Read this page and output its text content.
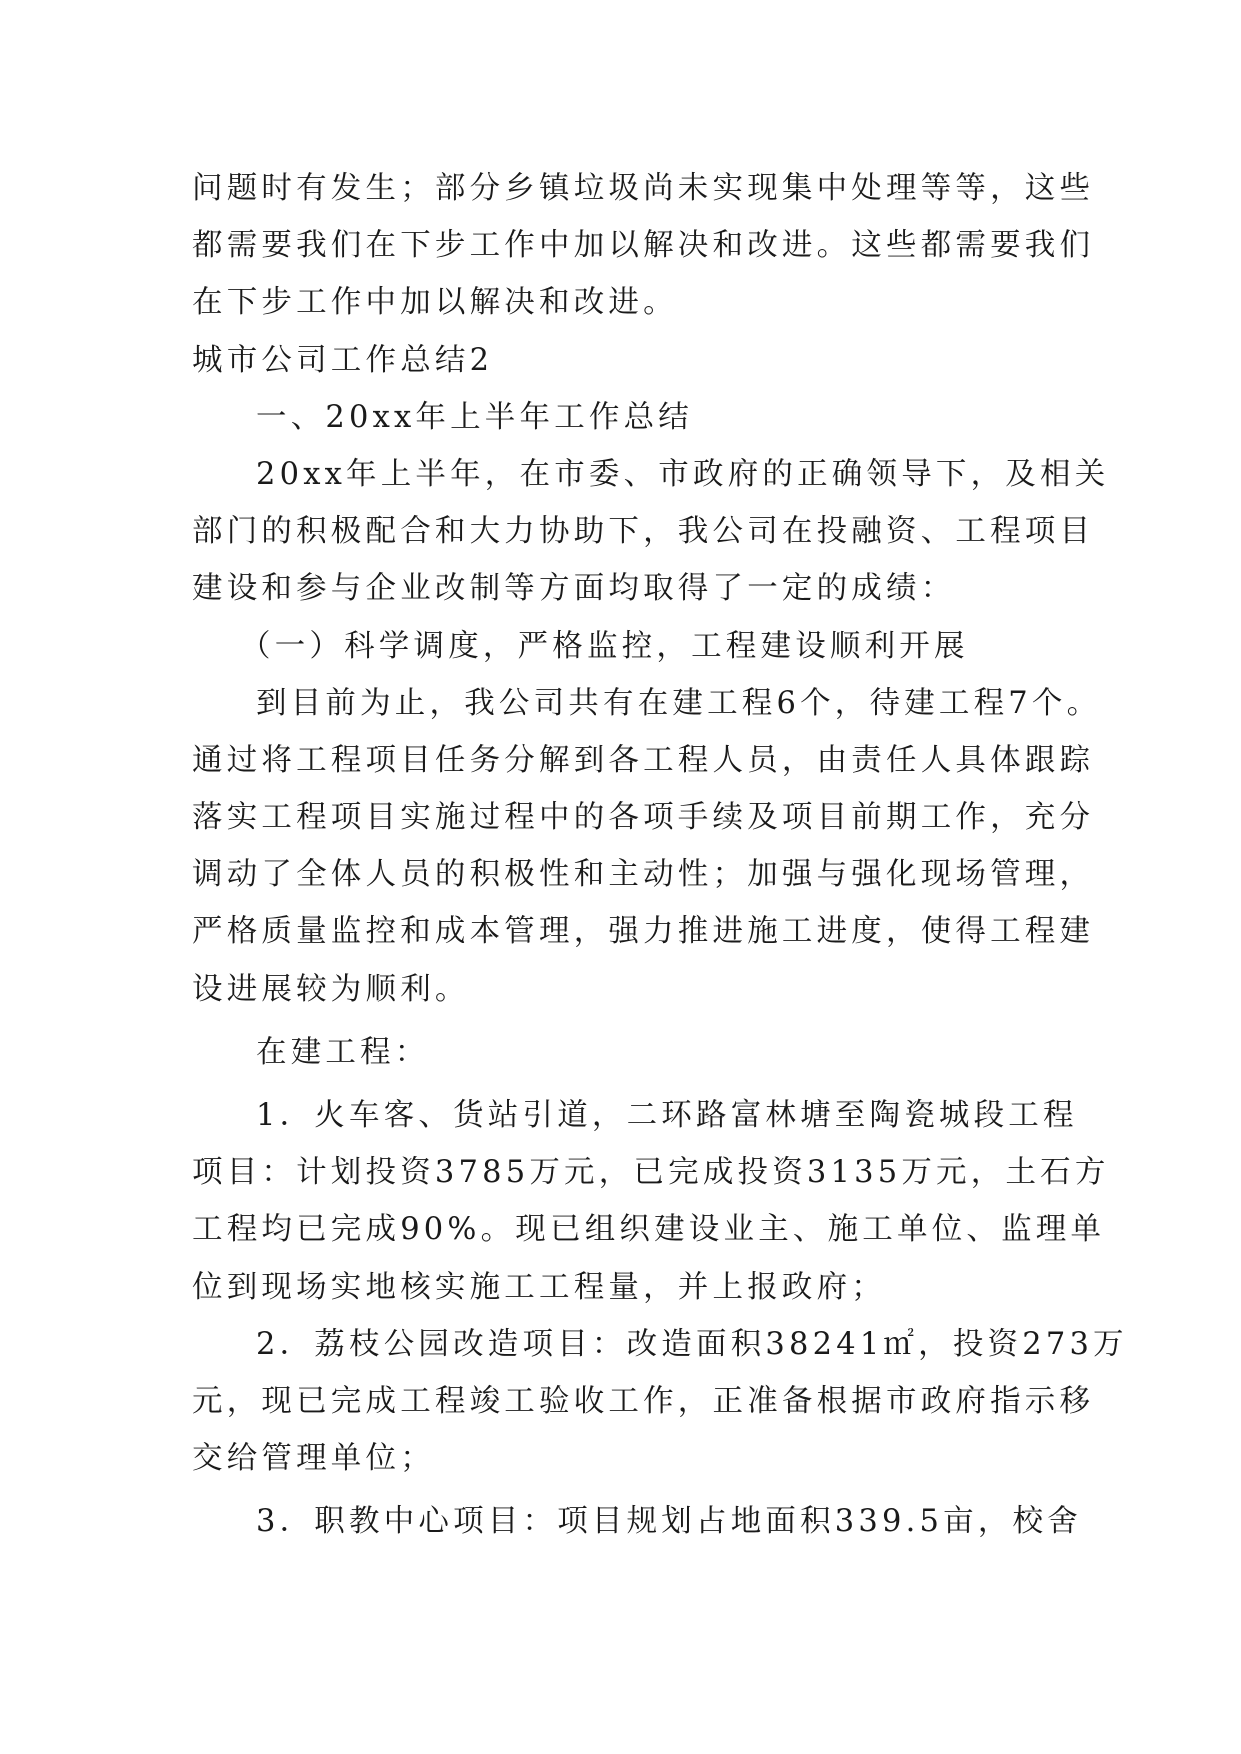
问题时有发生；部分乡镇垃圾尚未实现集中处理等等，这些
都需要我们在下步工作中加以解决和改进。这些都需要我们
在下步工作中加以解决和改进。
城市公司工作总结2
一、20xx年上半年工作总结
20xx年上半年，在市委、市政府的正确领导下，及相关
部门的积极配合和大力协助下，我公司在投融资、工程项目
建设和参与企业改制等方面均取得了一定的成绩：
（一）科学调度，严格监控，工程建设顺利开展
到目前为止，我公司共有在建工程6个，待建工程7个。
通过将工程项目任务分解到各工程人员，由责任人具体跟踪
落实工程项目实施过程中的各项手续及项目前期工作，充分
调动了全体人员的积极性和主动性；加强与强化现场管理，
严格质量监控和成本管理，强力推进施工进度，使得工程建
设进展较为顺利。
在建工程：
1．火车客、货站引道，二环路富林塘至陶瓷城段工程
项目：计划投资3785万元，已完成投资3135万元，土石方
工程均已完成90%。现已组织建设业主、施工单位、监理单
位到现场实地核实施工工程量，并上报政府；
2．荔枝公园改造项目：改造面积38241㎡，投资273万
元，现已完成工程竣工验收工作，正准备根据市政府指示移
交给管理单位；
3．职教中心项目：项目规划占地面积339.5亩，校舍
